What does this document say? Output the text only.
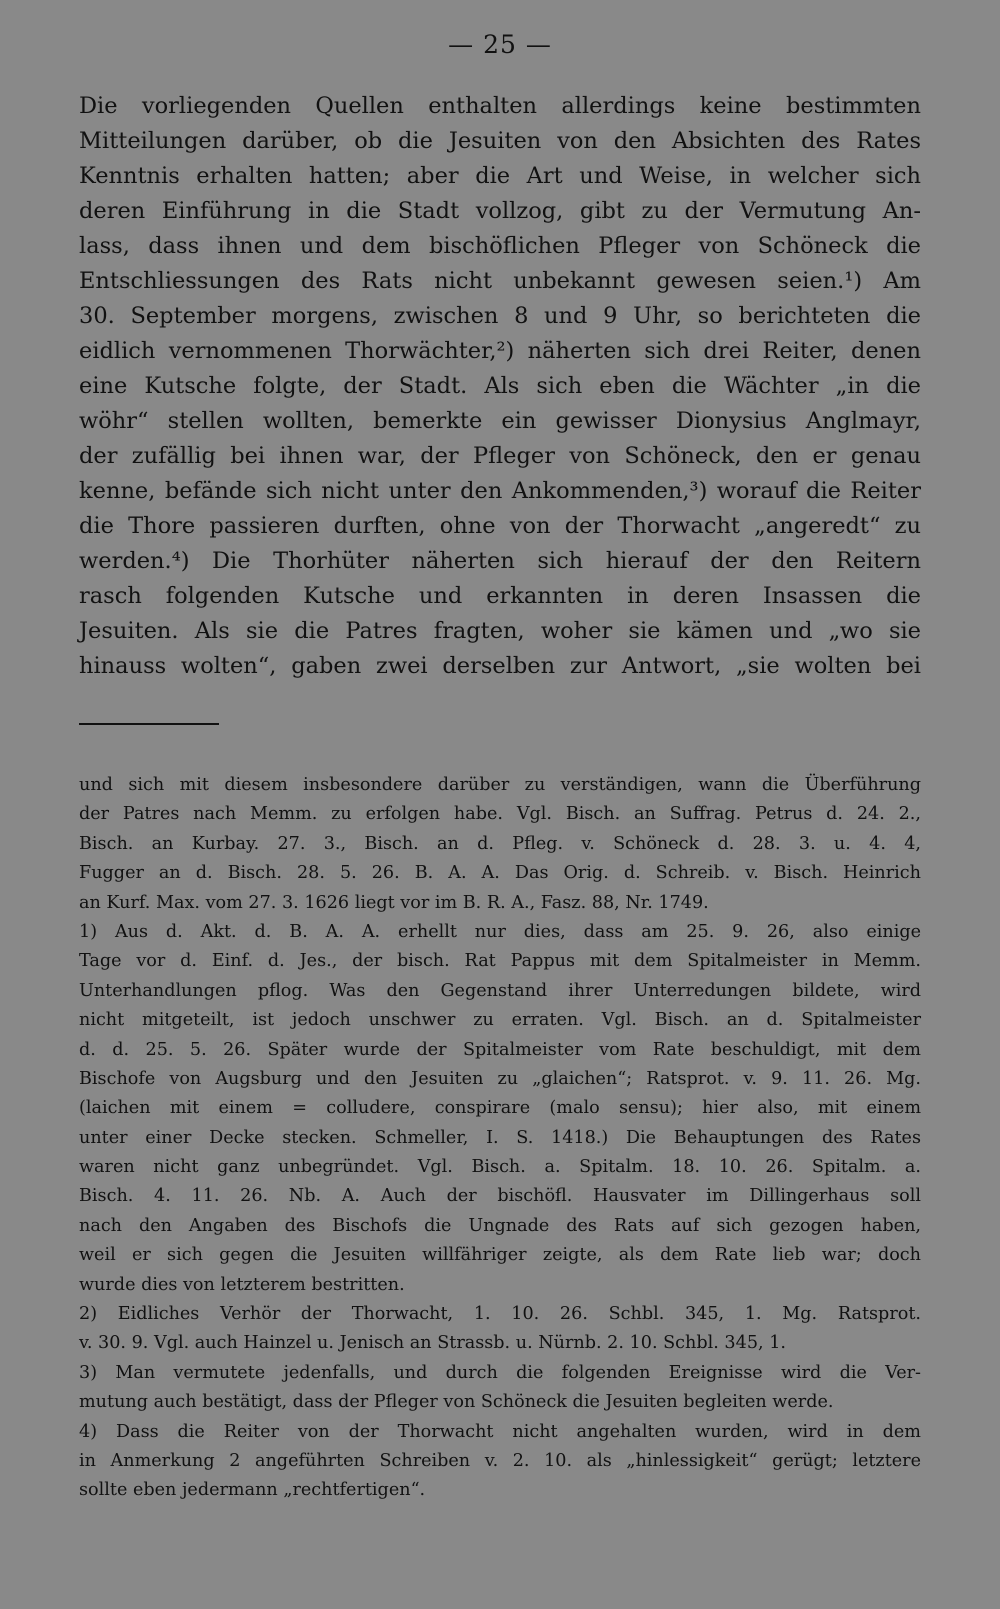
— 25 —
Die vorliegenden Quellen enthalten allerdings keine bestimmten
Mitteilungen darüber, ob die Jesuiten von den Absichten des Rates
Kenntnis erhalten hatten; aber die Art und Weise, in welcher sich
deren Einführung in die Stadt vollzog, gibt zu der Vermutung An-
lass, dass ihnen und dem bischöflichen Pfleger von Schöneck die
Entschliessungen des Rats nicht unbekannt gewesen seien.¹) Am
30. September morgens, zwischen 8 und 9 Uhr, so berichteten die
eidlich vernommenen Thorwächter,²) näherten sich drei Reiter, denen
eine Kutsche folgte, der Stadt. Als sich eben die Wächter „in die
wöhr“ stellen wollten, bemerkte ein gewisser Dionysius Anglmayr,
der zufällig bei ihnen war, der Pfleger von Schöneck, den er genau
kenne, befände sich nicht unter den Ankommenden,³) worauf die Reiter
die Thore passieren durften, ohne von der Thorwacht „angeredt“ zu
werden.⁴) Die Thorhüter näherten sich hierauf der den Reitern
rasch folgenden Kutsche und erkannten in deren Insassen die
Jesuiten. Als sie die Patres fragten, woher sie kämen und „wo sie
hinauss wolten“, gaben zwei derselben zur Antwort, „sie wolten bei
und sich mit diesem insbesondere darüber zu verständigen, wann die Überführung
der Patres nach Memm. zu erfolgen habe. Vgl. Bisch. an Suffrag. Petrus d. 24. 2.,
Bisch. an Kurbay. 27. 3., Bisch. an d. Pfleg. v. Schöneck d. 28. 3. u. 4. 4,
Fugger an d. Bisch. 28. 5. 26. B. A. A. Das Orig. d. Schreib. v. Bisch. Heinrich
an Kurf. Max. vom 27. 3. 1626 liegt vor im B. R. A., Fasz. 88, Nr. 1749.
1) Aus d. Akt. d. B. A. A. erhellt nur dies, dass am 25. 9. 26, also einige
Tage vor d. Einf. d. Jes., der bisch. Rat Pappus mit dem Spitalmeister in Memm.
Unterhandlungen pflog. Was den Gegenstand ihrer Unterredungen bildete, wird
nicht mitgeteilt, ist jedoch unschwer zu erraten. Vgl. Bisch. an d. Spitalmeister
d. d. 25. 5. 26. Später wurde der Spitalmeister vom Rate beschuldigt, mit dem
Bischofe von Augsburg und den Jesuiten zu „glaichen“; Ratsprot. v. 9. 11. 26. Mg.
(laichen mit einem = colludere, conspirare (malo sensu); hier also, mit einem
unter einer Decke stecken. Schmeller, I. S. 1418.) Die Behauptungen des Rates
waren nicht ganz unbegründet. Vgl. Bisch. a. Spitalm. 18. 10. 26. Spitalm. a.
Bisch. 4. 11. 26. Nb. A. Auch der bischöfl. Hausvater im Dillingerhaus soll
nach den Angaben des Bischofs die Ungnade des Rats auf sich gezogen haben,
weil er sich gegen die Jesuiten willfähriger zeigte, als dem Rate lieb war; doch
wurde dies von letzterem bestritten.
2) Eidliches Verhör der Thorwacht, 1. 10. 26. Schbl. 345, 1. Mg. Ratsprot.
v. 30. 9. Vgl. auch Hainzel u. Jenisch an Strassb. u. Nürnb. 2. 10. Schbl. 345, 1.
3) Man vermutete jedenfalls, und durch die folgenden Ereignisse wird die Ver-
mutung auch bestätigt, dass der Pfleger von Schöneck die Jesuiten begleiten werde.
4) Dass die Reiter von der Thorwacht nicht angehalten wurden, wird in dem
in Anmerkung 2 angeführten Schreiben v. 2. 10. als „hinlessigkeit“ gerügt; letztere
sollte eben jedermann „rechtfertigen“.
